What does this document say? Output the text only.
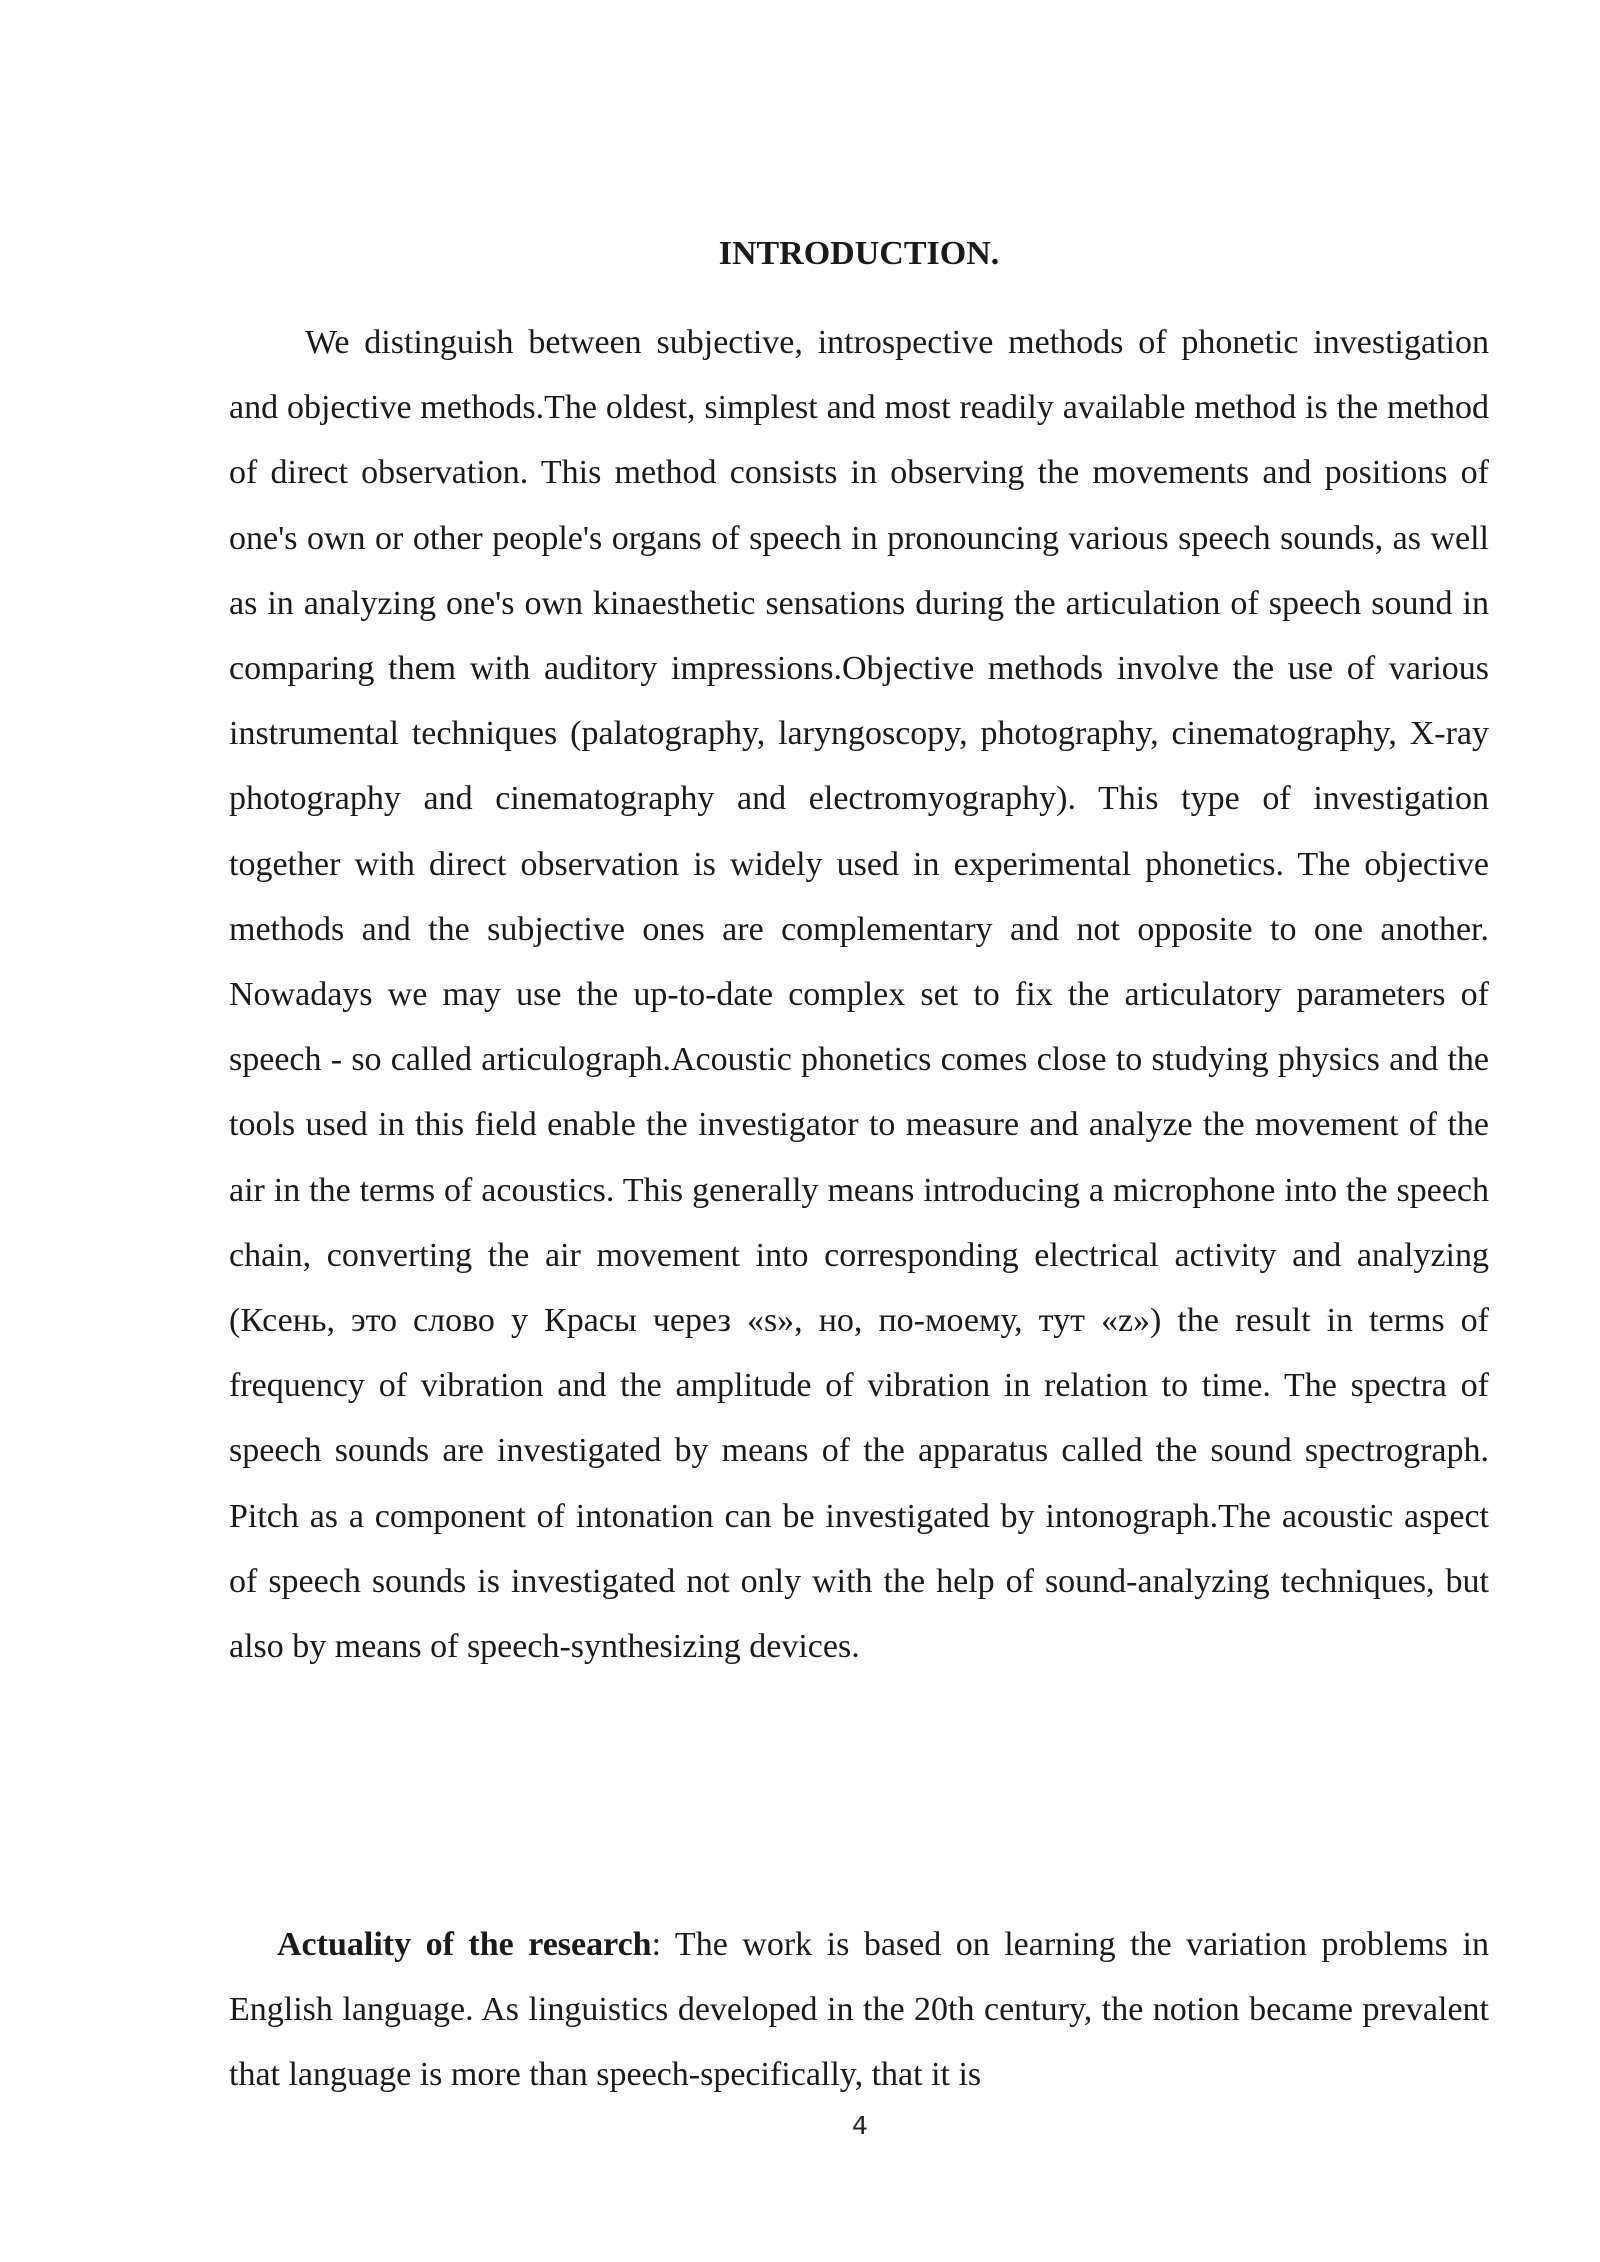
INTRODUCTION.

We distinguish between subjective, introspective methods of phonetic investigation and objective methods.The oldest, simplest and most readily available method is the method of direct observation. This method consists in observing the movements and positions of one's own or other people's organs of speech in pronouncing various speech sounds, as well as in analyzing one's own kinaesthetic sensations during the articulation of speech sound in comparing them with auditory impressions.Objective methods involve the use of various instrumental techniques (palatography, laryngoscopy, photography, cinematography, X-ray photography and cinematography and electromyography). This type of investigation together with direct observation is widely used in experimental phonetics. The objective methods and the subjective ones are complementary and not opposite to one another. Nowadays we may use the up-to-date complex set to fix the articulatory parameters of speech - so called articulograph.Acoustic phonetics comes close to studying physics and the tools used in this field enable the investigator to measure and analyze the movement of the air in the terms of acoustics. This generally means introducing a microphone into the speech chain, converting the air movement into corresponding electrical activity and analyzing (Ксень, это слово у Красы через «s», но, по-моему, тут «z») the result in terms of frequency of vibration and the amplitude of vibration in relation to time. The spectra of speech sounds are investigated by means of the apparatus called the sound spectrograph. Pitch as a component of intonation can be investigated by intonograph.The acoustic aspect of speech sounds is investigated not only with the help of sound-analyzing techniques, but also by means of speech-synthesizing devices.

Actuality of the research: The work is based on learning the variation problems in English language. As linguistics developed in the 20th century, the notion became prevalent that language is more than speech-specifically, that it is

4
